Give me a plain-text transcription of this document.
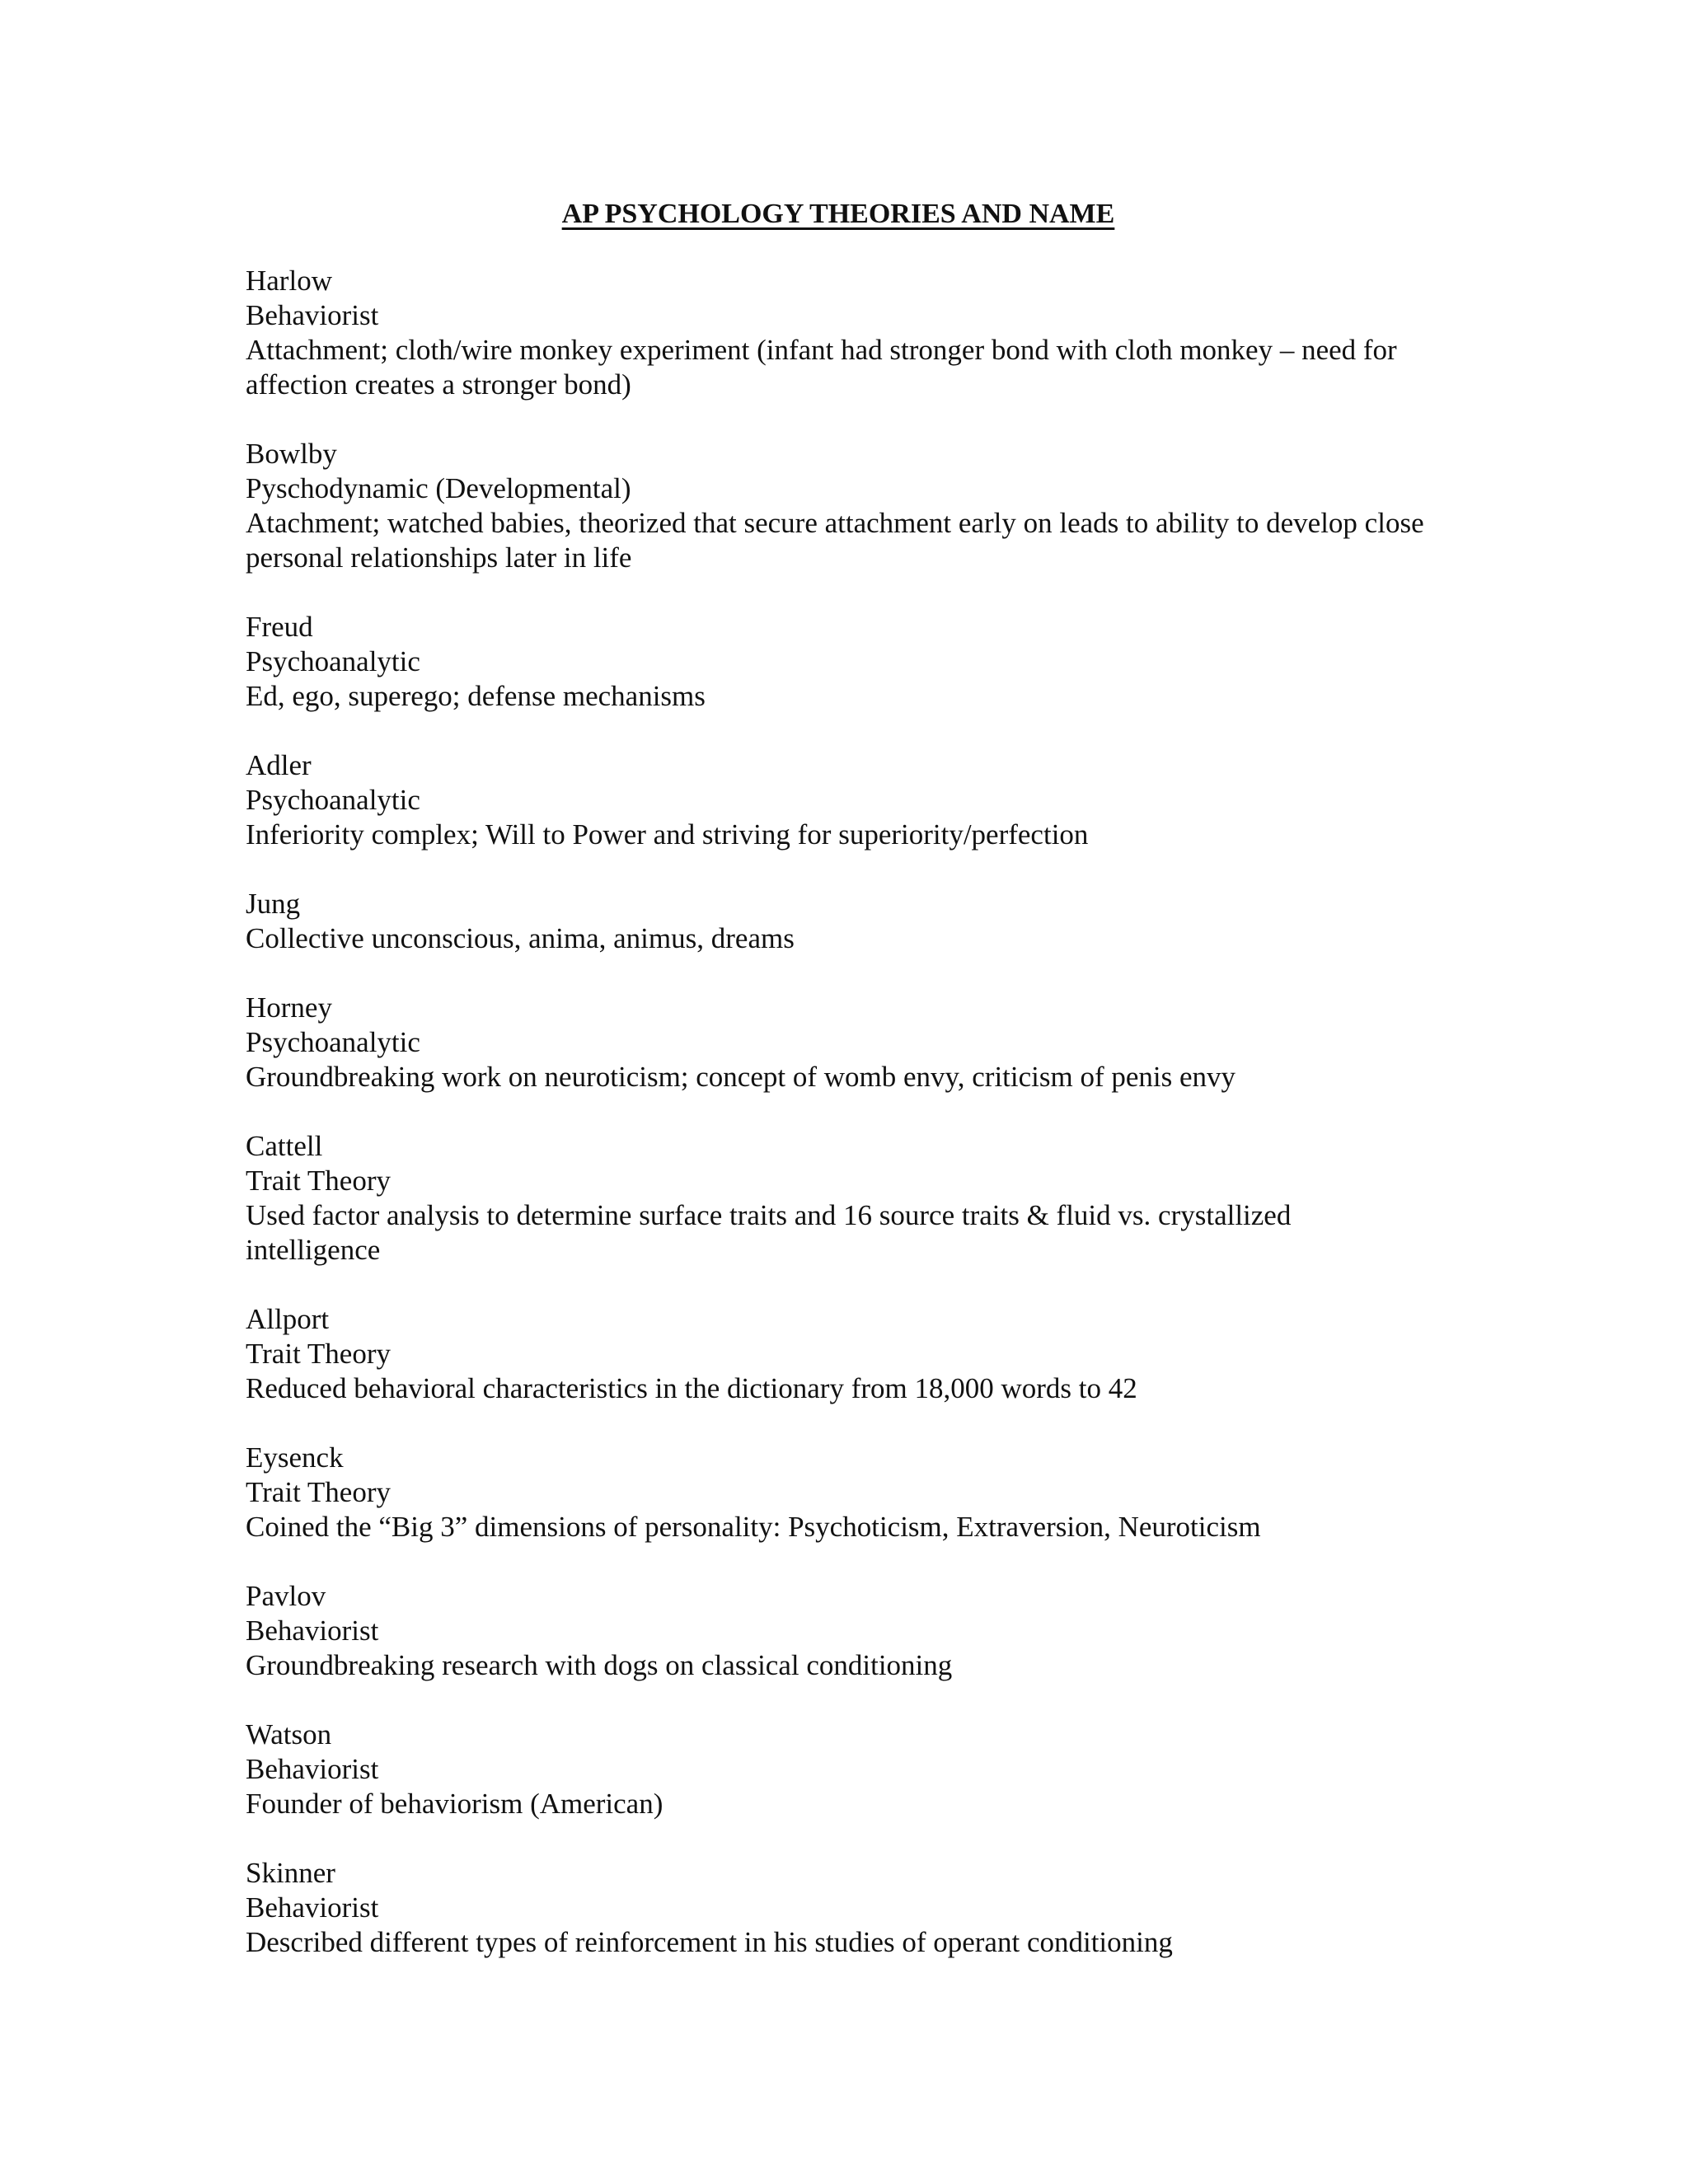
AP PSYCHOLOGY THEORIES AND NAME
Harlow
Behaviorist
Attachment; cloth/wire monkey experiment (infant had stronger bond with cloth monkey – need for affection creates a stronger bond)
Bowlby
Pyschodynamic (Developmental)
Atachment; watched babies, theorized that secure attachment early on leads to ability to develop close personal relationships later in life
Freud
Psychoanalytic
Ed, ego, superego; defense mechanisms
Adler
Psychoanalytic
Inferiority complex; Will to Power and striving for superiority/perfection
Jung
Collective unconscious, anima, animus, dreams
Horney
Psychoanalytic
Groundbreaking work on neuroticism; concept of womb envy, criticism of penis envy
Cattell
Trait Theory
Used factor analysis to determine surface traits and 16 source traits & fluid vs. crystallized intelligence
Allport
Trait Theory
Reduced behavioral characteristics in the dictionary from 18,000 words to 42
Eysenck
Trait Theory
Coined the “Big 3” dimensions of personality: Psychoticism, Extraversion, Neuroticism
Pavlov
Behaviorist
Groundbreaking research with dogs on classical conditioning
Watson
Behaviorist
Founder of behaviorism (American)
Skinner
Behaviorist
Described different types of reinforcement in his studies of operant conditioning
